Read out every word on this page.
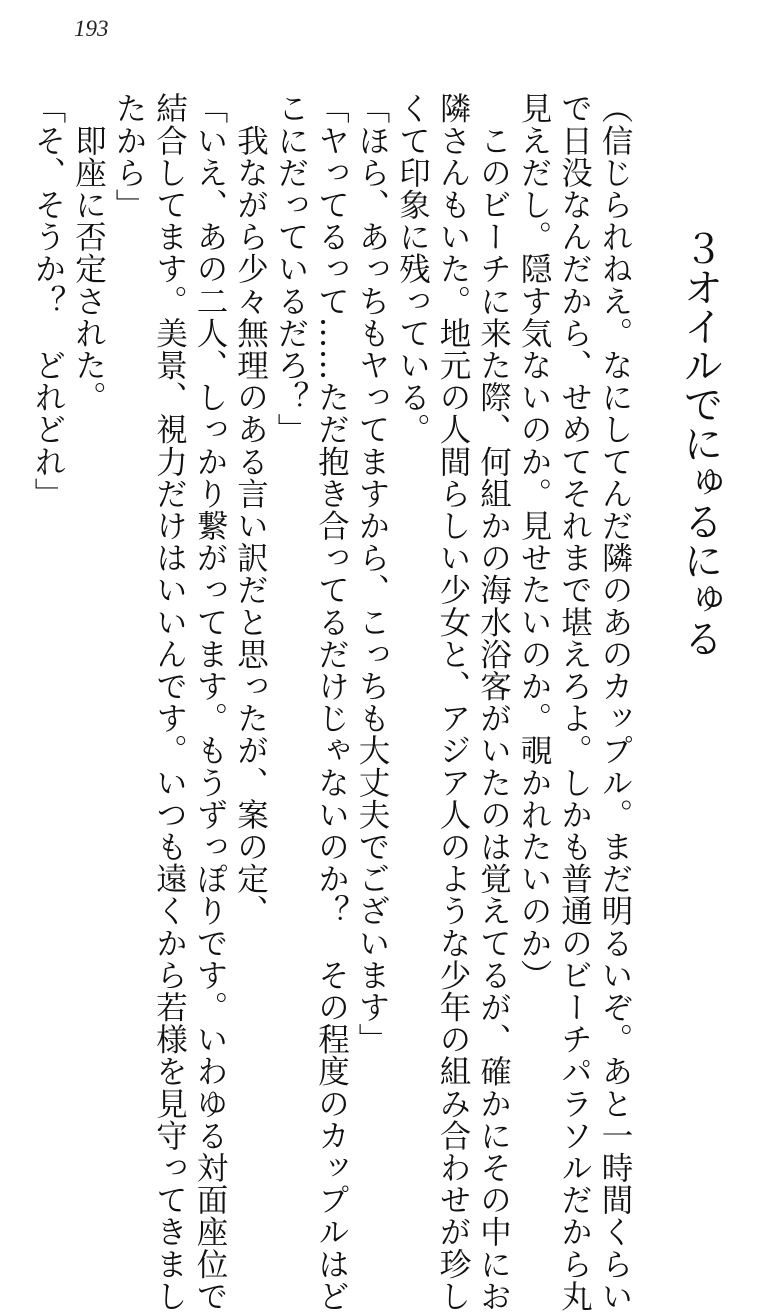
193
３オイルでにゅるにゅる
（信じられねえ。なにしてんだ隣のあのカップル。まだ明るいぞ。あと一時間くらい
で日没なんだから、せめてそれまで堪えろよ。しかも普通のビーチパラソルだから丸
見えだし。隠す気ないのか。見せたいのか。覗かれたいのか）
　このビーチに来た際、何組かの海水浴客がいたのは覚えてるが、確かにその中にお
隣さんもいた。地元の人間らしい少女と、アジア人のような少年の組み合わせが珍し
くて印象に残っている。
「ほら、あっちもヤってますから、こっちも大丈夫でございます」
「ヤってるって……ただ抱き合ってるだけじゃないのか？　その程度のカップルはど
こにだっているだろ？」
　我ながら少々無理のある言い訳だと思ったが、案の定、
「いえ、あの二人、しっかり繋がってます。もうずっぽりです。いわゆる対面座位で
結合してます。美景、視力だけはいいんです。いつも遠くから若様を見守ってきまし
たから」
　即座に否定された。
「そ、そうか？　どれどれ」
